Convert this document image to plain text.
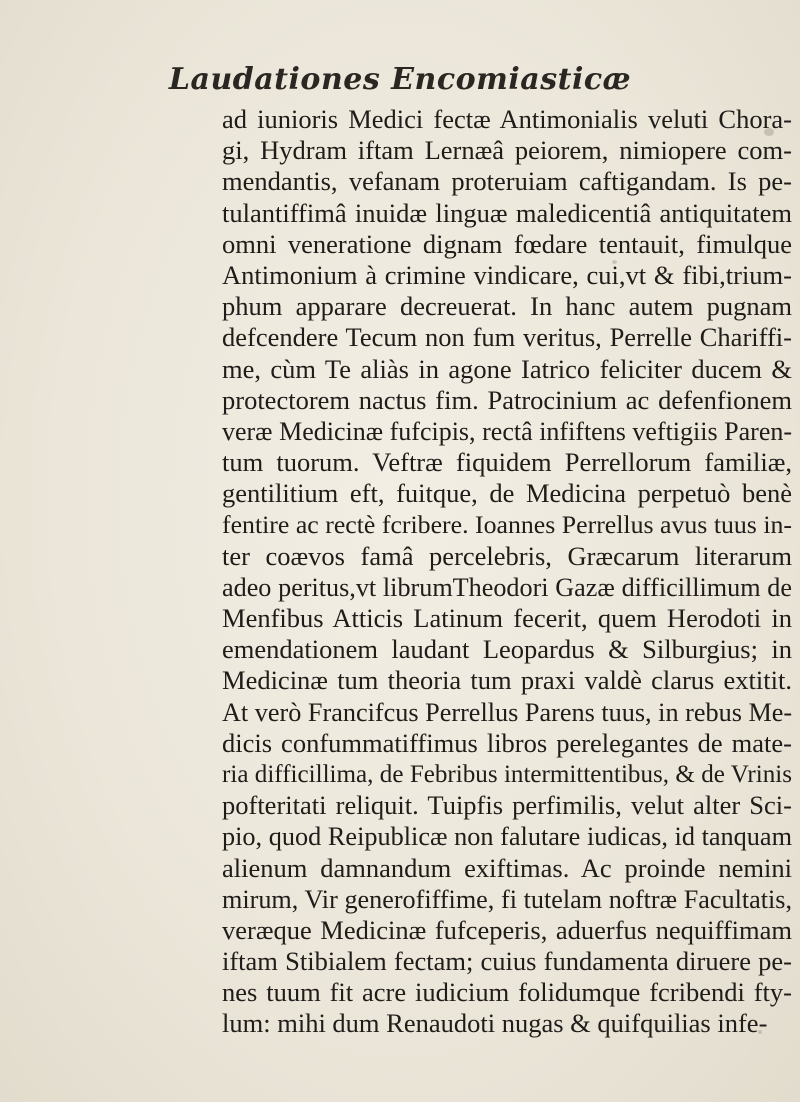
Laudationes Encomiasticæ
ad iunioris Medici fectæ Antimonialis veluti Chora-
gi, Hydram iftam Lernæâ peiorem, nimiopere com-
mendantis, vefanam proteruiam caftigandam. Is pe-
tulantiffimâ inuidæ linguæ maledicentiâ antiquitatem
omni veneratione dignam fœdare tentauit, fimulque
Antimonium à crimine vindicare, cui,vt & fibi,trium-
phum apparare decreuerat. In hanc autem pugnam
defcendere Tecum non fum veritus, Perrelle Chariffi-
me, cùm Te aliàs in agone Iatrico feliciter ducem &
protectorem nactus fim. Patrocinium ac defenfionem
veræ Medicinæ fufcipis, rectâ infiftens veftigiis Paren-
tum tuorum. Veftræ fiquidem Perrellorum familiæ,
gentilitium eft, fuitque, de Medicina perpetuò benè
fentire ac rectè fcribere. Ioannes Perrellus avus tuus in-
ter coævos famâ percelebris, Græcarum literarum
adeo peritus,vt librumTheodori Gazæ difficillimum de
Menfibus Atticis Latinum fecerit, quem Herodoti in
emendationem laudant Leopardus & Silburgius; in
Medicinæ tum theoria tum praxi valdè clarus extitit.
At verò Francifcus Perrellus Parens tuus, in rebus Me-
dicis confummatiffimus libros perelegantes de mate-
ria difficillima, de Febribus intermittentibus, & de Vrinis
pofteritati reliquit. Tuipfis perfimilis, velut alter Sci-
pio, quod Reipublicæ non falutare iudicas, id tanquam
alienum damnandum exiftimas. Ac proinde nemini
mirum, Vir generofiffime, fi tutelam noftræ Facultatis,
veræque Medicinæ fufceperis, aduerfus nequiffimam
iftam Stibialem fectam; cuius fundamenta diruere pe-
nes tuum fit acre iudicium folidumque fcribendi fty-
lum: mihi dum Renaudoti nugas & quifquilias infe-
